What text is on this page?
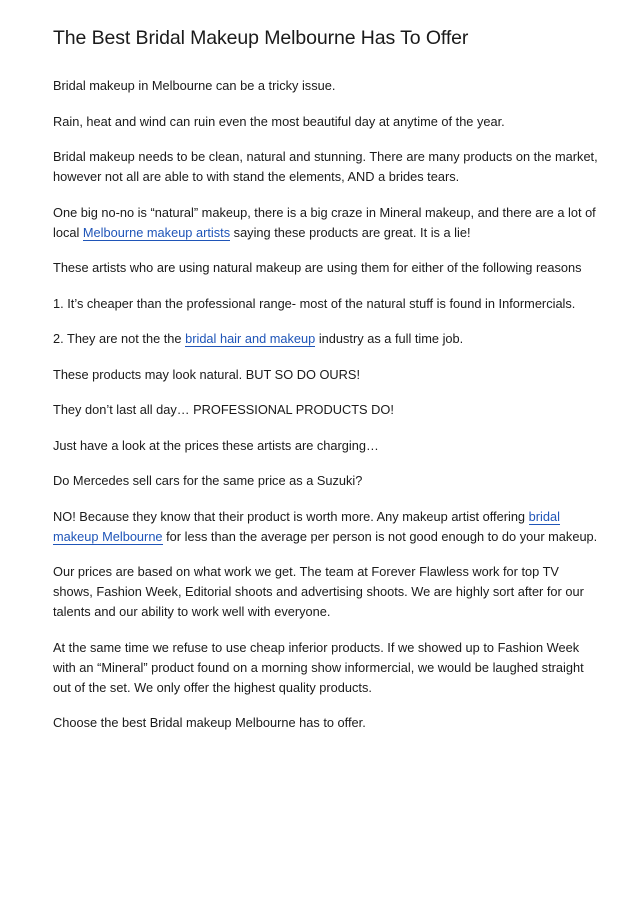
The Best Bridal Makeup Melbourne Has To Offer

Bridal makeup in Melbourne can be a tricky issue.

Rain, heat and wind can ruin even the most beautiful day at anytime of the year.

Bridal makeup needs to be clean, natural and stunning. There are many products on the market, however not all are able to with stand the elements, AND a brides tears.

One big no-no is “natural” makeup, there is a big craze in Mineral makeup, and there are a lot of local Melbourne makeup artists saying these products are great. It is a lie!

These artists who are using natural makeup are using them for either of the following reasons

1. It’s cheaper than the professional range- most of the natural stuff is found in Informercials.

2. They are not the the bridal hair and makeup industry as a full time job.

These products may look natural. BUT SO DO OURS!

They don’t last all day… PROFESSIONAL PRODUCTS DO!

Just have a look at the prices these artists are charging…

Do Mercedes sell cars for the same price as a Suzuki?

NO! Because they know that their product is worth more. Any makeup artist offering bridal makeup Melbourne for less than the average per person is not good enough to do your makeup.

Our prices are based on what work we get. The team at Forever Flawless work for top TV shows, Fashion Week, Editorial shoots and advertising shoots. We are highly sort after for our talents and our ability to work well with everyone.

At the same time we refuse to use cheap inferior products. If we showed up to Fashion Week with an “Mineral” product found on a morning show informercial, we would be laughed straight out of the set. We only offer the highest quality products.

Choose the best Bridal makeup Melbourne has to offer.
